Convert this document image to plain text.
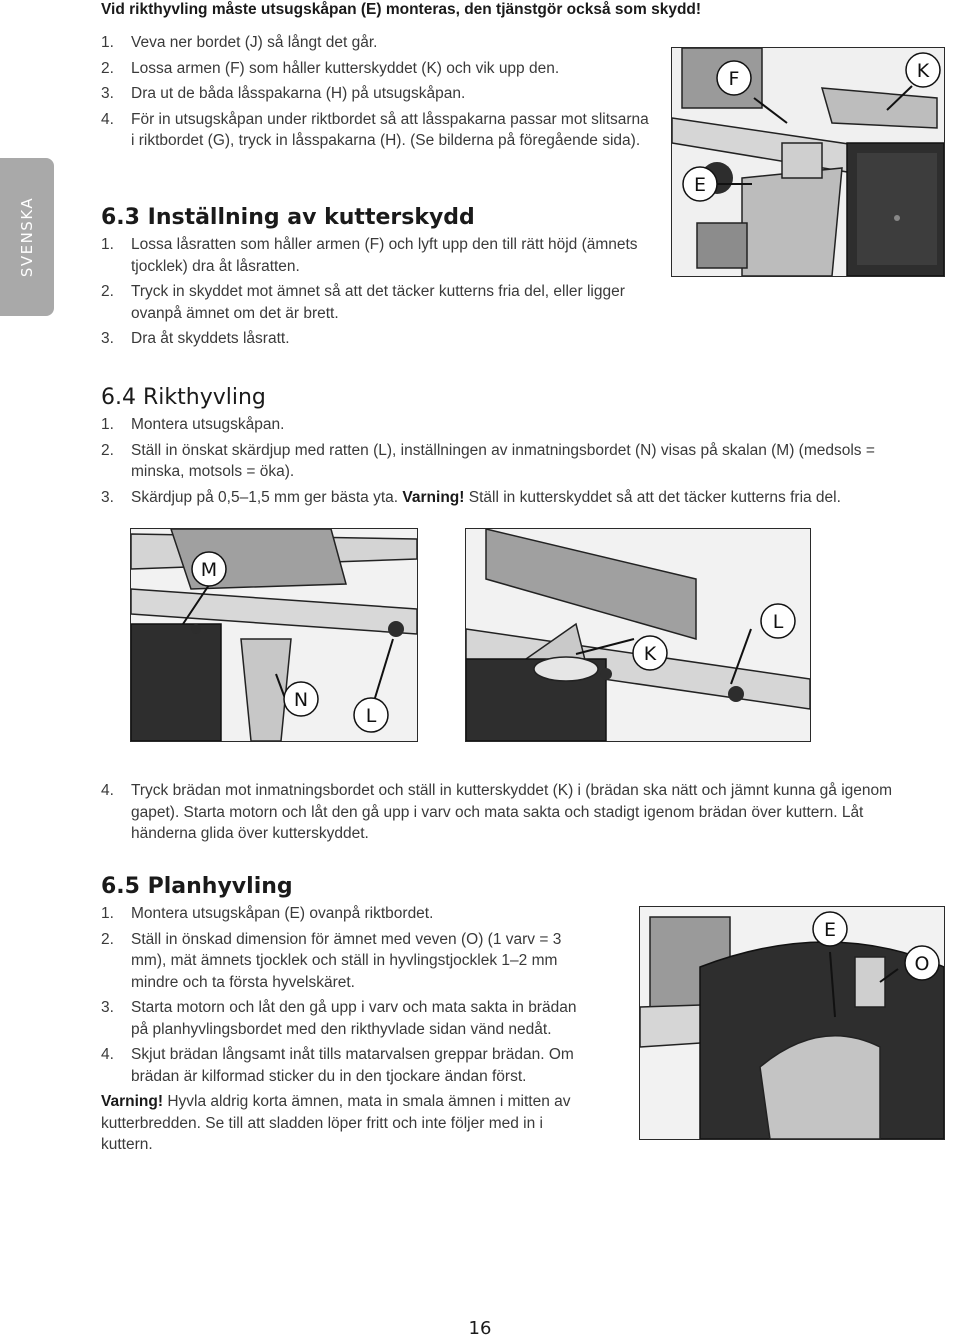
SVENSKA
Vid rikthyvling måste utsugskåpan (E) monteras, den tjänstgör också som skydd!
1. Veva ner bordet (J) så långt det går.
2. Lossa armen (F) som håller kutterskyddet (K) och vik upp den.
3. Dra ut de båda låsspakarna (H) på utsugskåpan.
4. För in utsugskåpan under riktbordet så att låsspakarna passar mot slitsarna i riktbordet (G), tryck in låsspakarna (H). (Se bilderna på föregående sida).
F	K
E
6.3 Inställning av kutterskydd
1. Lossa låsratten som håller armen (F) och lyft upp den till rätt höjd (ämnets tjocklek) dra åt låsratten.
2. Tryck in skyddet mot ämnet så att det täcker kutterns fria del, eller ligger ovanpå ämnet om det är brett.
3. Dra åt skyddets låsratt.
6.4 Rikthyvling
1. Montera utsugskåpan.
2. Ställ in önskat skärdjup med ratten (L), inställningen av inmatningsbordet (N) visas på skalan (M) (medsols = minska, motsols = öka).
3. Skärdjup på 0,5–1,5 mm ger bästa yta. Varning! Ställ in kutterskyddet så att det täcker kutterns fria del.
M
N
L
L
K
4. Tryck brädan mot inmatningsbordet och ställ in kutterskyddet (K) i (brädan ska nätt och jämnt kunna gå igenom gapet). Starta motorn och låt den gå upp i varv och mata sakta och stadigt igenom brädan över kuttern. Låt händerna glida över kutterskyddet.
6.5 Planhyvling
1. Montera utsugskåpan (E) ovanpå riktbordet.
2. Ställ in önskad dimension för ämnet med veven (O) (1 varv = 3 mm), mät ämnets tjocklek och ställ in hyvlingstjocklek 1–2 mm mindre och ta första hyvelskäret.
3. Starta motorn och låt den gå upp i varv och mata sakta in brädan på planhyvlingsbordet med den rikthyvlade sidan vänd nedåt.
4. Skjut brädan långsamt inåt tills matarvalsen greppar brädan. Om brädan är kilformad sticker du in den tjockare ändan först.

Varning! Hyvla aldrig korta ämnen, mata in smala ämnen i mitten av kutterbredden. Se till att sladden löper fritt och inte följer med in i kuttern.

E
O
16
